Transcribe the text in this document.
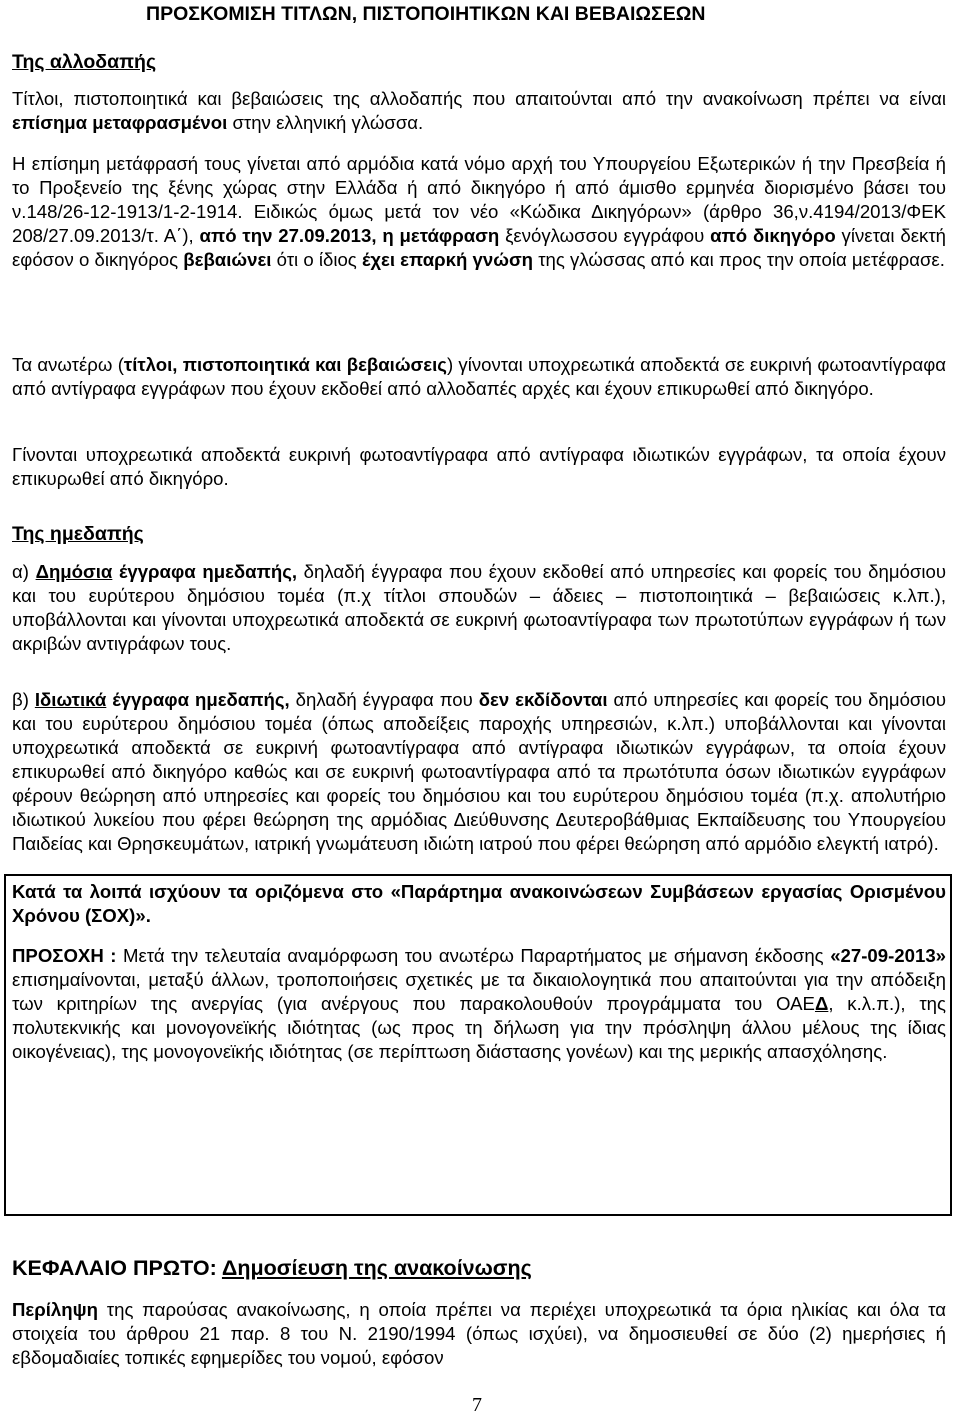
ΠΡΟΣΚΟΜΙΣΗ ΤΙΤΛΩΝ, ΠΙΣΤΟΠΟΙΗΤΙΚΩΝ ΚΑΙ ΒΕΒΑΙΩΣΕΩΝ
Της αλλοδαπής

Τίτλοι, πιστοποιητικά και βεβαιώσεις της αλλοδαπής που απαιτούνται από την ανακοίνωση πρέπει να είναι επίσημα μεταφρασμένοι στην ελληνική γλώσσα.

Η επίσημη μετάφρασή τους γίνεται από αρμόδια κατά νόμο αρχή του Υπουργείου Εξωτερικών ή την Πρεσβεία ή το Προξενείο της ξένης χώρας στην Ελλάδα ή από δικηγόρο ή από άμισθο ερμηνέα διορισμένο βάσει του ν.148/26-12-1913/1-2-1914. Ειδικώς όμως μετά τον νέο «Κώδικα Δικηγόρων» (άρθρο 36,ν.4194/2013/ΦΕΚ 208/27.09.2013/τ. Α΄), από την 27.09.2013, η μετάφραση ξενόγλωσσου εγγράφου από δικηγόρο γίνεται δεκτή εφόσον ο δικηγόρος βεβαιώνει ότι ο ίδιος έχει επαρκή γνώση της γλώσσας από και προς την οποία μετέφρασε.

Τα ανωτέρω (τίτλοι, πιστοποιητικά και βεβαιώσεις) γίνονται υποχρεωτικά αποδεκτά σε ευκρινή φωτοαντίγραφα από αντίγραφα εγγράφων που έχουν εκδοθεί από αλλοδαπές αρχές και έχουν επικυρωθεί από δικηγόρο.

Γίνονται υποχρεωτικά αποδεκτά ευκρινή φωτοαντίγραφα από αντίγραφα ιδιωτικών εγγράφων, τα οποία έχουν επικυρωθεί από δικηγόρο.

Της ημεδαπής

α) Δημόσια έγγραφα ημεδαπής, δηλαδή έγγραφα που έχουν εκδοθεί από υπηρεσίες και φορείς του δημόσιου και του ευρύτερου δημόσιου τομέα (π.χ τίτλοι σπουδών – άδειες – πιστοποιητικά – βεβαιώσεις κ.λπ.), υποβάλλονται και γίνονται υποχρεωτικά αποδεκτά σε ευκρινή φωτοαντίγραφα των πρωτοτύπων εγγράφων ή των ακριβών αντιγράφων τους.

β) Ιδιωτικά έγγραφα ημεδαπής, δηλαδή έγγραφα που δεν εκδίδονται από υπηρεσίες και φορείς του δημόσιου και του ευρύτερου δημόσιου τομέα (όπως αποδείξεις παροχής υπηρεσιών, κ.λπ.) υποβάλλονται και γίνονται υποχρεωτικά αποδεκτά σε ευκρινή φωτοαντίγραφα από αντίγραφα ιδιωτικών εγγράφων, τα οποία έχουν επικυρωθεί από δικηγόρο καθώς και σε ευκρινή φωτοαντίγραφα από τα πρωτότυπα όσων ιδιωτικών εγγράφων φέρουν θεώρηση από υπηρεσίες και φορείς του δημόσιου και του ευρύτερου δημόσιου τομέα (π.χ. απολυτήριο ιδιωτικού λυκείου που φέρει θεώρηση της αρμόδιας Διεύθυνσης Δευτεροβάθμιας Εκπαίδευσης του Υπουργείου Παιδείας και Θρησκευμάτων, ιατρική γνωμάτευση ιδιώτη ιατρού που φέρει θεώρηση από αρμόδιο ελεγκτή ιατρό).

Κατά τα λοιπά ισχύουν τα οριζόμενα στο «Παράρτημα ανακοινώσεων Συμβάσεων εργασίας Ορισμένου Χρόνου (ΣΟΧ)».

ΠΡΟΣΟΧΗ : Μετά την τελευταία αναμόρφωση του ανωτέρω Παραρτήματος με σήμανση έκδοσης «27-09-2013» επισημαίνονται, μεταξύ άλλων, τροποποιήσεις σχετικές με τα δικαιολογητικά που απαιτούνται για την απόδειξη των κριτηρίων της ανεργίας (για ανέργους που παρακολουθούν προγράμματα του ΟΑΕΔ, κ.λ.π.), της πολυτεκνικής και μονογονεϊκής ιδιότητας (ως προς τη δήλωση για την πρόσληψη άλλου μέλους της ίδιας οικογένειας), της μονογονεϊκής ιδιότητας (σε περίπτωση διάστασης γονέων) και της μερικής απασχόλησης.

ΚΕΦΑΛΑΙΟ ΠΡΩΤΟ: Δημοσίευση της ανακοίνωσης

Περίληψη της παρούσας ανακοίνωσης, η οποία πρέπει να περιέχει υποχρεωτικά τα όρια ηλικίας και όλα τα στοιχεία του άρθρου 21 παρ. 8 του Ν. 2190/1994 (όπως ισχύει), να δημοσιευθεί σε δύο (2) ημερήσιες ή εβδομαδιαίες τοπικές εφημερίδες του νομού, εφόσον

7
